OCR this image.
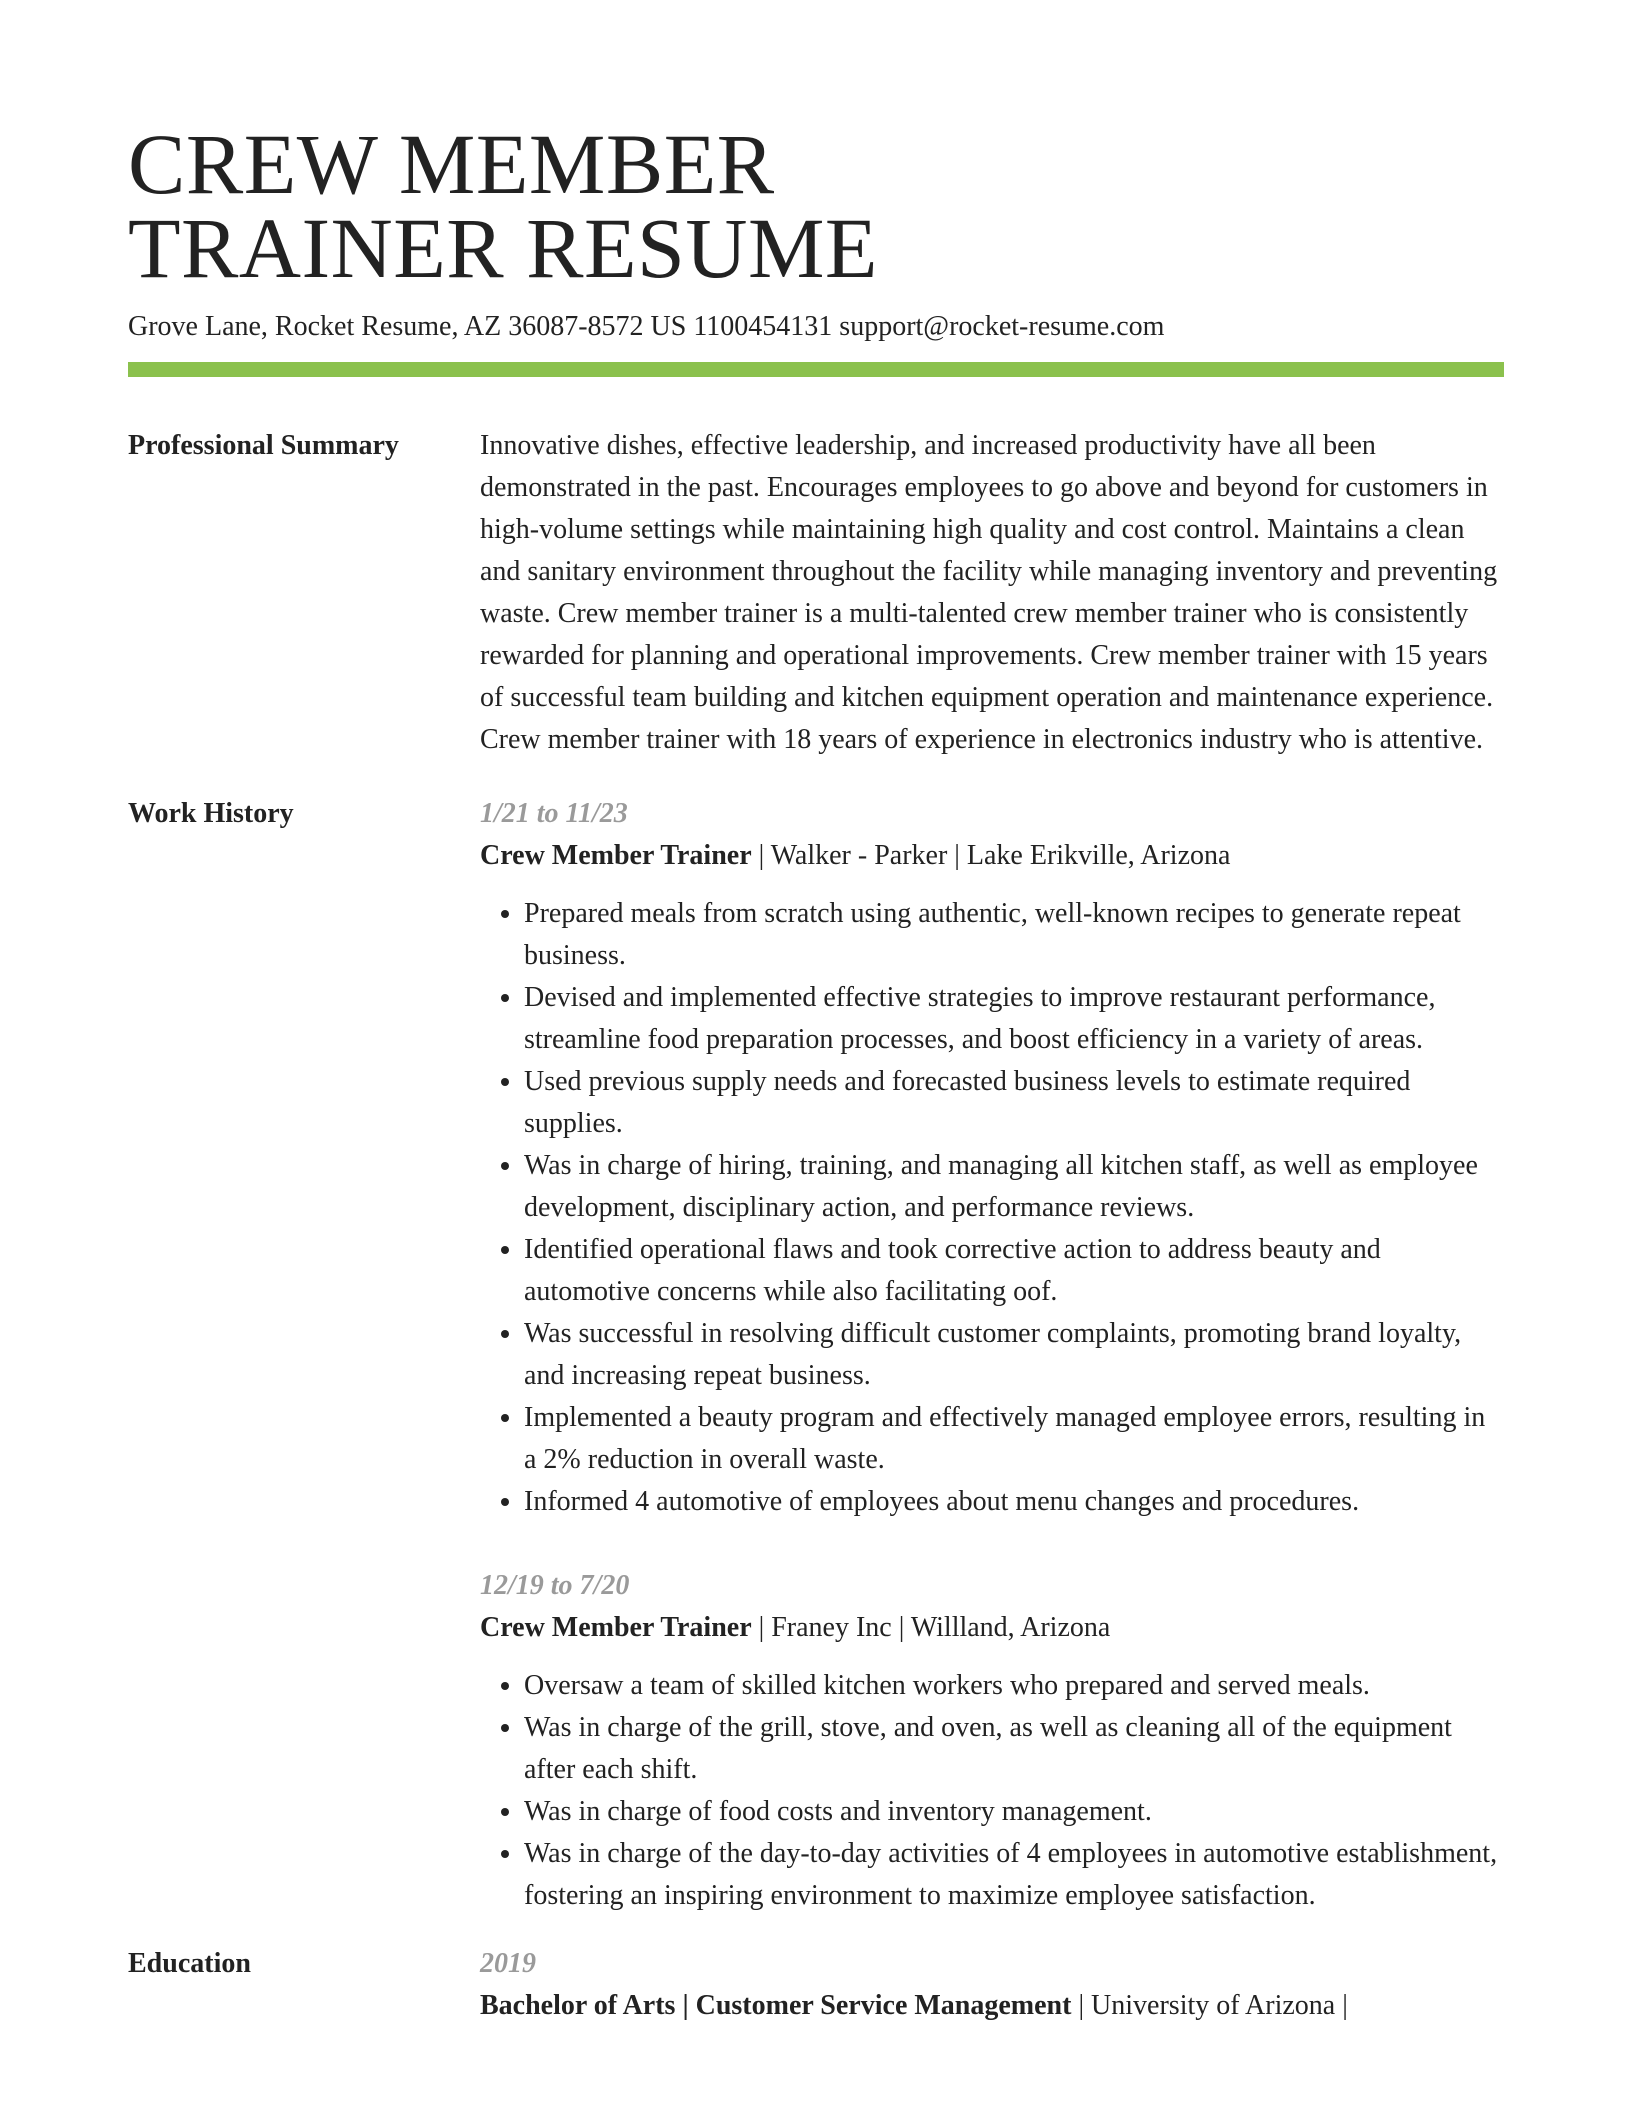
CREW MEMBER
TRAINER RESUME
Grove Lane, Rocket Resume, AZ 36087-8572 US 1100454131 support@rocket-resume.com
Professional Summary	Innovative dishes, effective leadership, and increased productivity have all been demonstrated in the past. Encourages employees to go above and beyond for customers in high-volume settings while maintaining high quality and cost control. Maintains a clean and sanitary environment throughout the facility while managing inventory and preventing waste. Crew member trainer is a multi-talented crew member trainer who is consistently rewarded for planning and operational improvements. Crew member trainer with 15 years of successful team building and kitchen equipment operation and maintenance experience. Crew member trainer with 18 years of experience in electronics industry who is attentive.
Work History	1/21 to 11/23
Crew Member Trainer | Walker - Parker | Lake Erikville, Arizona
• Prepared meals from scratch using authentic, well-known recipes to generate repeat business.
• Devised and implemented effective strategies to improve restaurant performance, streamline food preparation processes, and boost efficiency in a variety of areas.
• Used previous supply needs and forecasted business levels to estimate required supplies.
• Was in charge of hiring, training, and managing all kitchen staff, as well as employee development, disciplinary action, and performance reviews.
• Identified operational flaws and took corrective action to address beauty and automotive concerns while also facilitating oof.
• Was successful in resolving difficult customer complaints, promoting brand loyalty, and increasing repeat business.
• Implemented a beauty program and effectively managed employee errors, resulting in a 2% reduction in overall waste.
• Informed 4 automotive of employees about menu changes and procedures.
12/19 to 7/20
Crew Member Trainer | Franey Inc | Willland, Arizona
• Oversaw a team of skilled kitchen workers who prepared and served meals.
• Was in charge of the grill, stove, and oven, as well as cleaning all of the equipment after each shift.
• Was in charge of food costs and inventory management.
• Was in charge of the day-to-day activities of 4 employees in automotive establishment, fostering an inspiring environment to maximize employee satisfaction.
Education	2019
Bachelor of Arts | Customer Service Management | University of Arizona |
